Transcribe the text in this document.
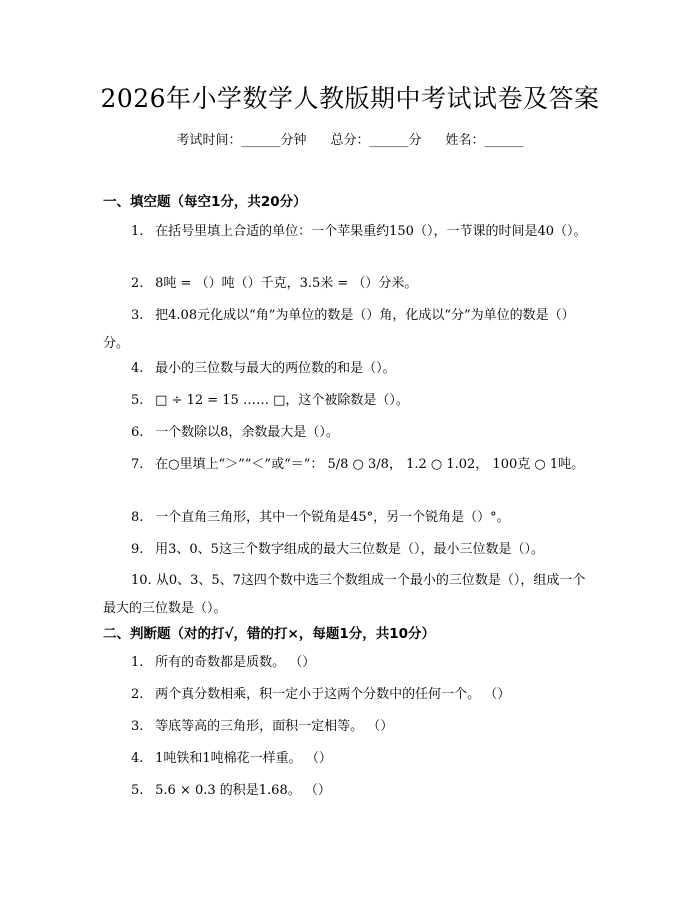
2026年小学数学人教版期中考试试卷及答案
考试时间：______分钟 总分：______分 姓名：______
一、填空题（每空1分，共20分）
1. 在括号里填上合适的单位：一个苹果重约150（），一节课的时间是40（）。
2. 8吨 = （）吨（）千克，3.5米 = （）分米。
3. 把4.08元化成以“角”为单位的数是（）角，化成以“分”为单位的数是（）分。
4. 最小的三位数与最大的两位数的和是（）。
5. □ ÷ 12 = 15 …… □，这个被除数是（）。
6. 一个数除以8，余数最大是（）。
7. 在○里填上“＞”“＜”或“＝”： 5/8 ○ 3/8， 1.2 ○ 1.02， 100克 ○ 1吨。
8. 一个直角三角形，其中一个锐角是45°，另一个锐角是（）°。
9. 用3、0、5这三个数字组成的最大三位数是（），最小三位数是（）。
10. 从0、3、5、7这四个数中选三个数组成一个最小的三位数是（），组成一个最大的三位数是（）。
二、判断题（对的打√，错的打×，每题1分，共10分）
1. 所有的奇数都是质数。 （）
2. 两个真分数相乘，积一定小于这两个分数中的任何一个。 （）
3. 等底等高的三角形，面积一定相等。 （）
4. 1吨铁和1吨棉花一样重。 （）
5. 5.6 × 0.3 的积是1.68。 （）
